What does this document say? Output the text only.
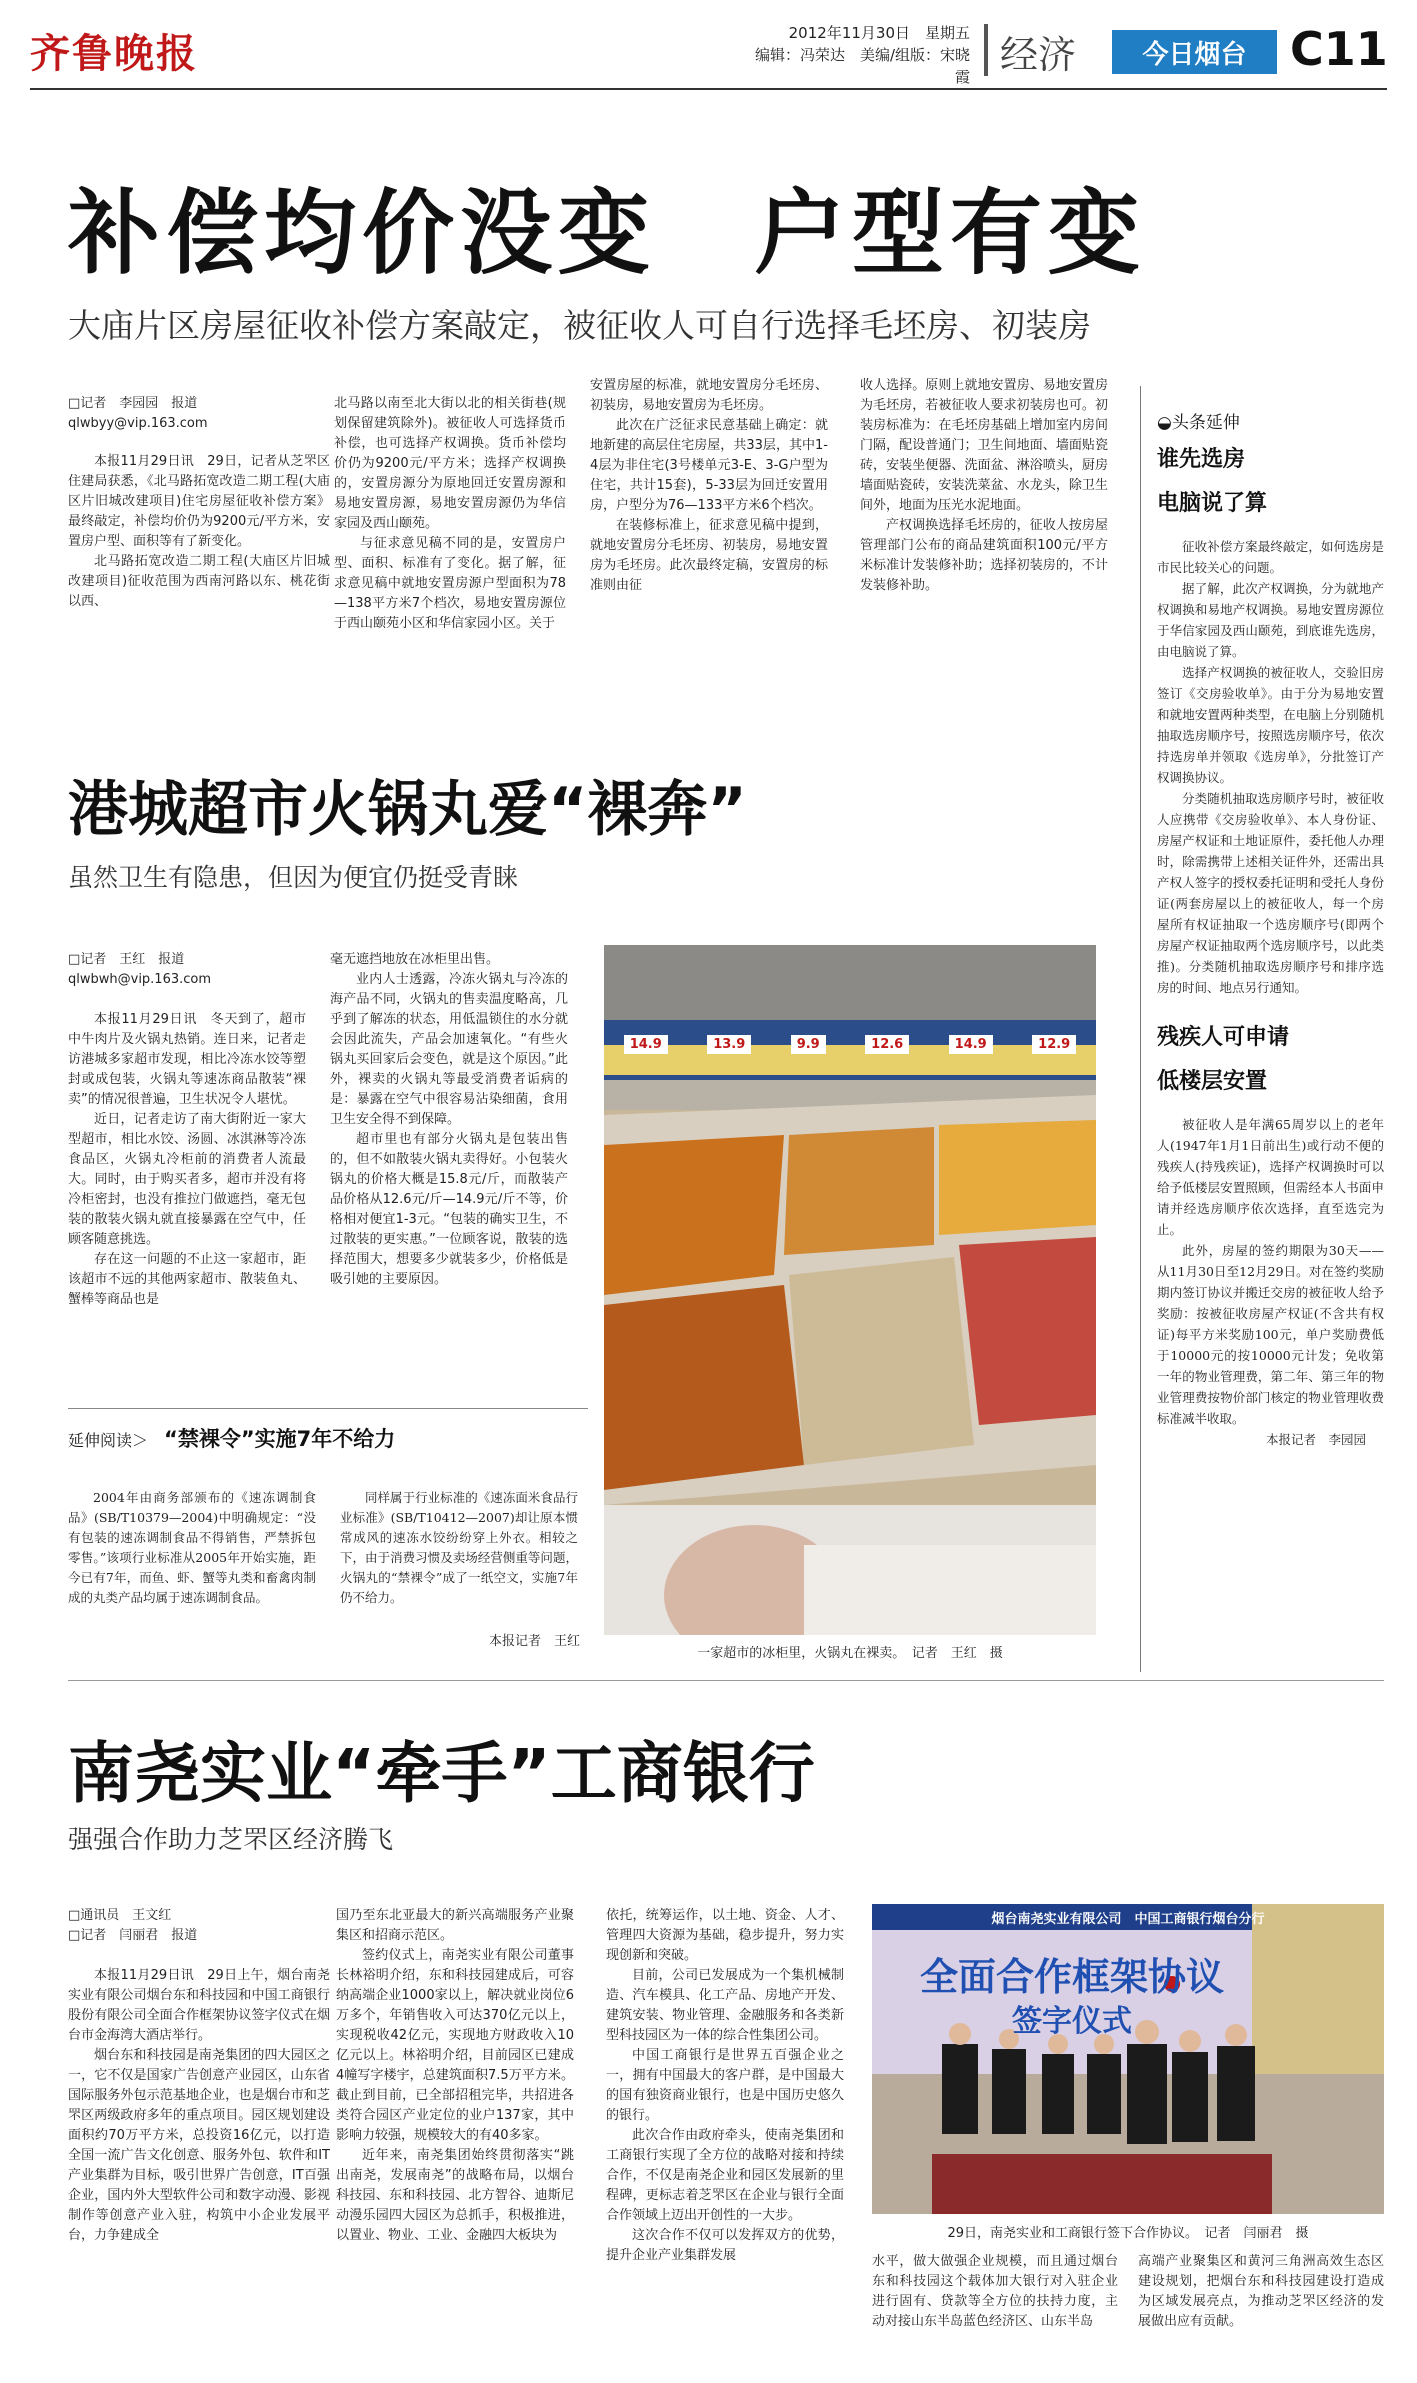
齐鲁晚报	2012年11月30日　星期五
编辑：冯荣达　美编/组版：宋晓霞 经济	今日烟台 C11
补偿均价没变　户型有变
大庙片区房屋征收补偿方案敲定，被征收人可自行选择毛坯房、初装房
□记者　李园园　报道
qlwbyy@vip.163.com

本报11月29日讯　29日，记者从芝罘区住建局获悉，《北马路拓宽改造二期工程(大庙区片旧城改建项目)住宅房屋征收补偿方案》最终敲定，补偿均价仍为9200元/平方米，安置房户型、面积等有了新变化。

北马路拓宽改造二期工程(大庙区片旧城改建项目)征收范围为西南河路以东、桃花街以西、

北马路以南至北大街以北的相关街巷(规划保留建筑除外)。被征收人可选择货币补偿，也可选择产权调换。货币补偿均价仍为9200元/平方米；选择产权调换的，安置房源分为原地回迁安置房源和易地安置房源，易地安置房源仍为华信家园及西山颐苑。

与征求意见稿不同的是，安置房户型、面积、标准有了变化。据了解，征求意见稿中就地安置房源户型面积为78—138平方米7个档次，易地安置房源位于西山颐苑小区和华信家园小区。关于

安置房屋的标准，就地安置房分毛坯房、初装房，易地安置房为毛坯房。

此次在广泛征求民意基础上确定：就地新建的高层住宅房屋，共33层，其中1-4层为非住宅(3号楼单元3-E、3-G户型为住宅，共计15套)，5-33层为回迁安置用房，户型分为76—133平方米6个档次。

在装修标准上，征求意见稿中提到，就地安置房分毛坯房、初装房，易地安置房为毛坯房。此次最终定稿，安置房的标准则由征

收人选择。原则上就地安置房、易地安置房为毛坯房，若被征收人要求初装房也可。初装房标准为：在毛坯房基础上增加室内房间门隔，配设普通门；卫生间地面、墙面贴瓷砖，安装坐便器、洗面盆、淋浴喷头，厨房墙面贴瓷砖，安装洗菜盆、水龙头，除卫生间外，地面为压光水泥地面。

产权调换选择毛坯房的，征收人按房屋管理部门公布的商品建筑面积100元/平方米标准计发装修补助；选择初装房的，不计发装修补助。

◒头条延伸
谁先选房
电脑说了算

征收补偿方案最终敲定，如何选房是市民比较关心的问题。

据了解，此次产权调换，分为就地产权调换和易地产权调换。易地安置房源位于华信家园及西山颐苑，到底谁先选房，由电脑说了算。

选择产权调换的被征收人，交验旧房签订《交房验收单》。由于分为易地安置和就地安置两种类型，在电脑上分别随机抽取选房顺序号，按照选房顺序号，依次持选房单并领取《选房单》，分批签订产权调换协议。

分类随机抽取选房顺序号时，被征收人应携带《交房验收单》、本人身份证、房屋产权证和土地证原件，委托他人办理时，除需携带上述相关证件外，还需出具产权人签字的授权委托证明和受托人身份证(两套房屋以上的被征收人，每一个房屋所有权证抽取一个选房顺序号(即两个房屋产权证抽取两个选房顺序号，以此类推)。分类随机抽取选房顺序号和排序选房的时间、地点另行通知。

残疾人可申请
低楼层安置

被征收人是年满65周岁以上的老年人(1947年1月1日前出生)或行动不便的残疾人(持残疾证)，选择产权调换时可以给予低楼层安置照顾，但需经本人书面申请并经选房顺序依次选择，直至选完为止。

此外，房屋的签约期限为30天——从11月30日至12月29日。对在签约奖励期内签订协议并搬迁交房的被征收人给予奖励：按被征收房屋产权证(不含共有权证)每平方米奖励100元，单户奖励费低于10000元的按10000元计发；免收第一年的物业管理费，第二年、第三年的物业管理费按物价部门核定的物业管理收费标准减半收取。

本报记者　李园园
港城超市火锅丸爱“裸奔”
虽然卫生有隐患，但因为便宜仍挺受青睐
□记者　王红　报道
qlwbwh@vip.163.com

本报11月29日讯　冬天到了，超市中牛肉片及火锅丸热销。连日来，记者走访港城多家超市发现，相比冷冻水饺等塑封或成包装，火锅丸等速冻商品散装“裸卖”的情况很普遍，卫生状况令人堪忧。

近日，记者走访了南大街附近一家大型超市，相比水饺、汤圆、冰淇淋等冷冻食品区，火锅丸冷柜前的消费者人流最大。同时，由于购买者多，超市并没有将冷柜密封，也没有推拉门做遮挡，毫无包装的散装火锅丸就直接暴露在空气中，任顾客随意挑选。

存在这一问题的不止这一家超市，距该超市不远的其他两家超市、散装鱼丸、蟹棒等商品也是

毫无遮挡地放在冰柜里出售。

业内人士透露，冷冻火锅丸与冷冻的海产品不同，火锅丸的售卖温度略高，几乎到了解冻的状态，用低温锁住的水分就会因此流失，产品会加速氧化。“有些火锅丸买回家后会变色，就是这个原因。”此外，裸卖的火锅丸等最受消费者诟病的是：暴露在空气中很容易沾染细菌，食用卫生安全得不到保障。

超市里也有部分火锅丸是包装出售的，但不如散装火锅丸卖得好。小包装火锅丸的价格大概是15.8元/斤，而散装产品价格从12.6元/斤—14.9元/斤不等，价格相对便宜1-3元。“包装的确实卫生，不过散装的更实惠。”一位顾客说，散装的选择范围大，想要多少就装多少，价格低是吸引她的主要原因。

14.9	13.9	9.9	12.6	14.9	12.9
一家超市的冰柜里，火锅丸在裸卖。　记者　王红　摄
延伸阅读＞ “禁裸令”实施7年不给力

2004年由商务部颁布的《速冻调制食品》(SB/T10379—2004)中明确规定：“没有包装的速冻调制食品不得销售，严禁拆包零售。”该项行业标准从2005年开始实施，距今已有7年，而鱼、虾、蟹等丸类和畜禽肉制成的丸类产品均属于速冻调制食品。

同样属于行业标准的《速冻面米食品行业标准》(SB/T10412—2007)却让原本惯常成风的速冻水饺纷纷穿上外衣。相较之下，由于消费习惯及卖场经营侧重等问题，火锅丸的“禁裸令”成了一纸空文，实施7年仍不给力。

本报记者　王红
南尧实业“牵手”工商银行
强强合作助力芝罘区经济腾飞
□通讯员　王文红
□记者　闫丽君　报道

本报11月29日讯　29日上午，烟台南尧实业有限公司烟台东和科技园和中国工商银行股份有限公司全面合作框架协议签字仪式在烟台市金海湾大酒店举行。

烟台东和科技园是南尧集团的四大园区之一，它不仅是国家广告创意产业园区，山东省国际服务外包示范基地企业，也是烟台市和芝罘区两级政府多年的重点项目。园区规划建设面积约70万平方米，总投资16亿元，以打造全国一流广告文化创意、服务外包、软件和IT产业集群为目标，吸引世界广告创意，IT百强企业，国内外大型软件公司和数字动漫、影视制作等创意产业入驻，构筑中小企业发展平台，力争建成全

国乃至东北亚最大的新兴高端服务产业聚集区和招商示范区。

签约仪式上，南尧实业有限公司董事长林裕明介绍，东和科技园建成后，可容纳高端企业1000家以上，解决就业岗位6万多个，年销售收入可达370亿元以上，实现税收42亿元，实现地方财政收入10亿元以上。林裕明介绍，目前园区已建成4幢写字楼宇，总建筑面积7.5万平方米。截止到目前，已全部招租完毕，共招进各类符合园区产业定位的业户137家，其中影响力较强，规模较大的有40多家。

近年来，南尧集团始终贯彻落实“跳出南尧，发展南尧”的战略布局，以烟台科技园、东和科技园、北方智谷、迪斯尼动漫乐园四大园区为总抓手，积极推进，以置业、物业、工业、金融四大板块为

依托，统筹运作，以土地、资金、人才、管理四大资源为基础，稳步提升，努力实现创新和突破。

目前，公司已发展成为一个集机械制造、汽车模具、化工产品、房地产开发、建筑安装、物业管理、金融服务和各类新型科技园区为一体的综合性集团公司。

中国工商银行是世界五百强企业之一，拥有中国最大的客户群，是中国最大的国有独资商业银行，也是中国历史悠久的银行。

此次合作由政府牵头，使南尧集团和工商银行实现了全方位的战略对接和持续合作，不仅是南尧企业和园区发展新的里程碑，更标志着芝罘区在企业与银行全面合作领域上迈出开创性的一大步。

这次合作不仅可以发挥双方的优势，提升企业产业集群发展

烟台南尧实业有限公司　中国工商银行烟台分行
全面合作框架协议
签字仪式
29日，南尧实业和工商银行签下合作协议。　记者　闫丽君　摄

水平，做大做强企业规模，而且通过烟台东和科技园这个载体加大银行对入驻企业进行固有、贷款等全方位的扶持力度，主动对接山东半岛蓝色经济区、山东半岛

高端产业聚集区和黄河三角洲高效生态区建设规划，把烟台东和科技园建设打造成为区域发展亮点，为推动芝罘区经济的发展做出应有贡献。
